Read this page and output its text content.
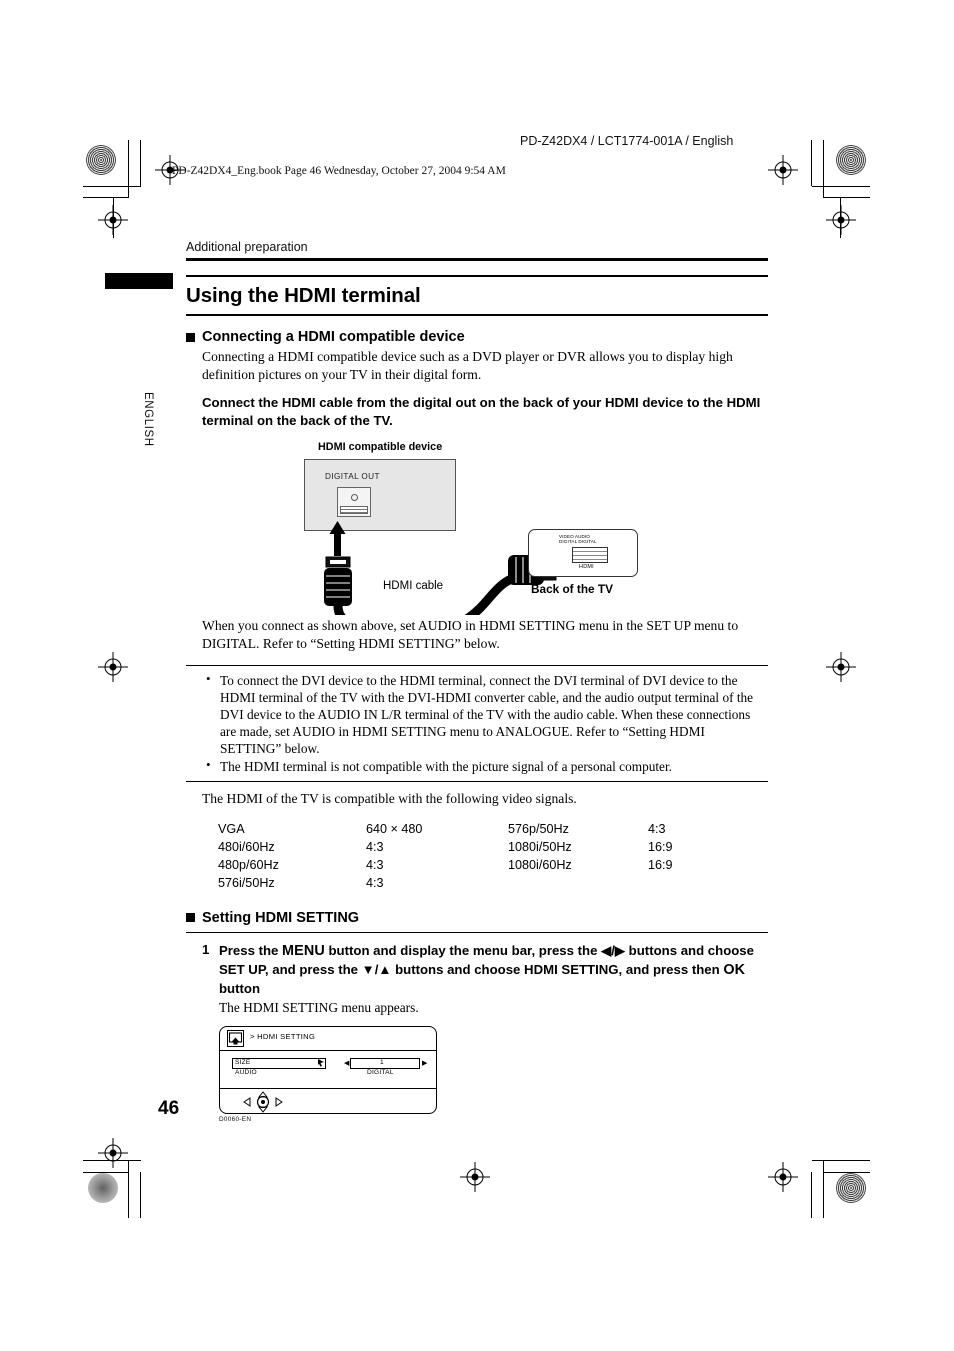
PD-Z42DX4 / LCT1774-001A / English
PD-Z42DX4_Eng.book Page 46 Wednesday, October 27, 2004 9:54 AM
ENGLISH
Additional preparation
Using the HDMI terminal
Connecting a HDMI compatible device

Connecting a HDMI compatible device such as a DVD player or DVR allows you to display high definition pictures on your TV in their digital form.

Connect the HDMI cable from the digital out on the back of your HDMI device to the HDMI terminal on the back of the TV.

HDMI compatible device
DIGITAL OUT
VIDEO AUDIO
DIGITAL DIGITAL
HDMI
HDMI cable	Back of the TV

When you connect as shown above, set AUDIO in HDMI SETTING menu in the SET UP menu to DIGITAL. Refer to “Setting HDMI SETTING” below.

• To connect the DVI device to the HDMI terminal, connect the DVI terminal of DVI device to the HDMI terminal of the TV with the DVI-HDMI converter cable, and the audio output terminal of the DVI device to the AUDIO IN L/R terminal of the TV with the audio cable. When these connections are made, set AUDIO in HDMI SETTING menu to ANALOGUE. Refer to “Setting HDMI SETTING” below.
• The HDMI terminal is not compatible with the picture signal of a personal computer.

The HDMI of the TV is compatible with the following video signals.

VGA	640 × 480	576p/50Hz	4:3
480i/60Hz	4:3	1080i/50Hz	16:9
480p/60Hz	4:3	1080i/60Hz	16:9
576i/50Hz	4:3		
Setting HDMI SETTING
1 Press the MENU button and display the menu bar, press the ◀/▶ buttons and choose SET UP, and press the ▼/▲ buttons and choose HDMI SETTING, and press then OK button

The HDMI SETTING menu appears.

> HDMI SETTING
SIZE
AUDIO
1
DIGITAL
◀	▶
D0060-EN
46
